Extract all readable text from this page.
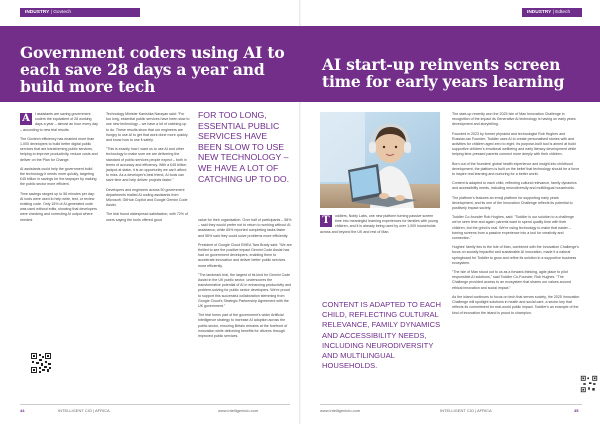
INDUSTRY | Govtech
Government coders using AI to each save 28 days a year and build more tech
A	I assistants are saving government coders the equivalent of 28 working days a year – almost an hour every day – according to new trial results.

The Govtech efficiency has enabled more than 1,000 developers to build better digital public services that are transforming public services, helping to improve productivity, reduce costs and deliver on the Plan for Change.

AI assistants could help the government build the technology it needs more quickly, targeting £45 billion in savings for the taxpayer by making the public sector more efficient.

Time savings ranged up to 56 minutes per day: AI tools were used to help write, test, or review existing code. Only 15% of AI-generated code was used without edits, showing that developers were checking and correcting AI output where needed.

Technology Minister Kanishka Narayan said: "For too long, essential public services have been slow to use new technology – we have a lot of catching up to do. These results show that our engineers are hungry to use AI to get that work done more quickly and know how to use it safely.

"This is exactly how I want us to use AI and other technology to make sure we are delivering the standard of public services people expect – both in terms of accuracy and efficiency. With a £45 billion jackpot at stake, it is an opportunity we can't afford to miss. As a developer's best friend, AI tools can save time and help deliver projects faster."

Developers and engineers across 50 government departments trialled AI coding assistants from Microsoft, GitHub Copilot and Google Gemini Code Assist.

The trial found widespread satisfaction, with 72% of users saying the tools offered good

FOR TOO LONG, ESSENTIAL PUBLIC SERVICES HAVE BEEN SLOW TO USE NEW TECHNOLOGY – WE HAVE A LOT OF CATCHING UP TO DO.

value for their organisation. Over half of participants – 58% – said they would prefer not to return to working without AI assistance, while 65% reported completing tasks faster and 56% said they could solve problems more efficiently.

President of Google Cloud EMEA Tara Brady said: "We are thrilled to see the positive impact Gemini Code Assist has had on government developers, enabling them to accelerate innovation and deliver better public services more efficiently.

"The landmark trial, the largest of its kind for Gemini Code Assist in the UK public sector, underscores the transformative potential of AI in enhancing productivity and problem-solving for public sector developers. We're proud to support this successful collaboration stemming from Google Cloud's Strategic Partnership Agreement with the UK government."

The trial forms part of the government's wider Artificial Intelligence strategy to increase AI adoption across the public sector, ensuring Britain remains at the forefront of innovation while delivering benefits for citizens through improved public services.

44	INTELLIGENT CIO | AFRICA	www.intelligentcio.com
INDUSTRY | Edtech
AI start-up reinvents screen time for early years learning
T	oddlers, Nobly Labs, one new platform turning passive screen time into meaningful learning experiences for families with young children, and it is already being used by over 1,000 households across and beyond the UK and rest of Man.

CONTENT IS ADAPTED TO EACH CHILD, REFLECTING CULTURAL RELEVANCE, FAMILY DYNAMICS AND ACCESSIBILITY NEEDS, INCLUDING NEURODIVERSITY AND MULTILINGUAL HOUSEHOLDS.

The start-up recently won the 2025 Isle of Man Innovation Challenge in recognition of the impact its Generative AI technology is having on early years development and storytelling.

Founded in 2023 by former physicist and technologist Rob Hughes and Russian-ian Founder, Toddler uses AI to create personalised stories with and activities for children aged zero to eight. Its purpose-built tool is aimed at build supportive children's emotional wellbeing and early literacy development while helping time-pressed parents connect more deeply with their children.

Born out of the founders' global health experience and insight into childhood development, the platform is built on the belief that technology should be a force to inspire real learning and nurturing for a better world.

Content is adapted to each child, reflecting cultural relevance, family dynamics and accessibility needs, including neurodiversity and multilingual households.

The platform's features an emoji platform for supporting early years development, and its one of the Innovation Challenge reflects its potential to positively impact society.

Toddler Co-founder Rob Hughes, said: "Toddler is our solution to a challenge we've seen time and again: parents want to spend quality time with their children, but the grind is real. We're using technology to make that easier – turning screens from a passive experience into a tool for creativity and connection."

Hughes' family ties to the Isle of Man, combined with the Innovation Challenge's focus on socially impactful and sustainable AI innovation, made it a natural springboard for Toddler to grow and refine its solution in a supportive business ecosystem.

"The Isle of Man stood out to us as a forward-thinking, agile place to pilot responsible AI solutions," said Toddler Co-Founder, Rob Hughes. "The Challenge provided access to an ecosystem that shares our values around ethical innovation and social impact."

As the island continues to focus on tech that serves society, the 2025 Innovation Challenge will spotlight solutions in health and social care, a sector key that reflects its commitment for real-world public impact. Toddler's an example of the kind of innovation the island is proud to champion.

www.intelligentcio.com	INTELLIGENT CIO | AFRICA	45
